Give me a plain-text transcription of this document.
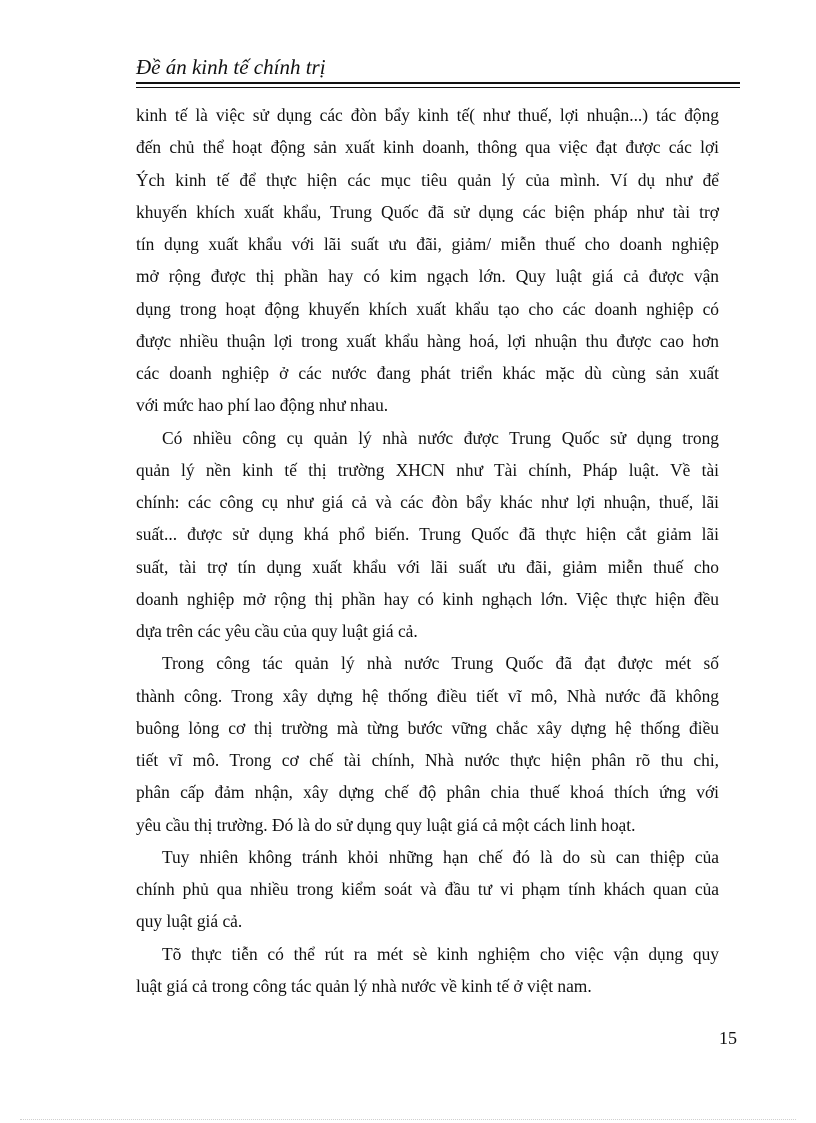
Đề án kinh tế chính trị
kinh tế là việc sử dụng các đòn bẩy kinh tế( như thuế, lợi nhuận...) tác động
đến chủ thể hoạt động sản xuất kinh doanh, thông qua việc đạt được các lợi
Ých kinh tế để thực hiện các mục tiêu quản lý của mình. Ví dụ như để
khuyến khích xuất khẩu, Trung Quốc đã sử dụng các biện pháp như tài trợ
tín dụng xuất khẩu với lãi suất ưu đãi, giảm/ miễn thuế cho doanh nghiệp
mở rộng được thị phần hay có kim ngạch lớn. Quy luật giá cả được vận
dụng trong hoạt động khuyến khích xuất khẩu tạo cho các doanh nghiệp có
được nhiều thuận lợi trong xuất khẩu hàng hoá, lợi nhuận thu được cao hơn
các doanh nghiệp ở các nước đang phát triển khác mặc dù cùng sản xuất
với mức hao phí lao động như nhau.
Có nhiều công cụ quản lý nhà nước được Trung Quốc sử dụng trong
quản lý nền kinh tế thị trường XHCN như Tài chính, Pháp luật. Về tài
chính: các công cụ như giá cả và các đòn bẩy khác như lợi nhuận, thuế, lãi
suất... được sử dụng khá phổ biến. Trung Quốc đã thực hiện cắt giảm lãi
suất, tài trợ tín dụng xuất khẩu với lãi suất ưu đãi, giảm miễn thuế cho
doanh nghiệp mở rộng thị phần hay có kinh nghạch lớn. Việc thực hiện đều
dựa trên các yêu cầu của quy luật giá cả.
Trong công tác quản lý nhà nước Trung Quốc đã đạt được mét số
thành công. Trong xây dựng hệ thống điều tiết vĩ mô, Nhà nước đã không
buông lỏng cơ thị trường mà từng bước vững chắc xây dựng hệ thống điều
tiết vĩ mô. Trong cơ chế tài chính, Nhà nước thực hiện phân rõ thu chi,
phân cấp đảm nhận, xây dựng chế độ phân chia thuế khoá thích ứng với
yêu cầu thị trường. Đó là do sử dụng quy luật giá cả một cách linh hoạt.
Tuy nhiên không tránh khỏi những hạn chế đó là do sù can thiệp của
chính phủ qua nhiều trong kiểm soát và đầu tư vi phạm tính khách quan của
quy luật giá cả.
Tõ thực tiễn có thể rút ra mét sè kinh nghiệm cho việc vận dụng quy
luật giá cả trong công tác quản lý nhà nước về kinh tế ở việt nam.
15
